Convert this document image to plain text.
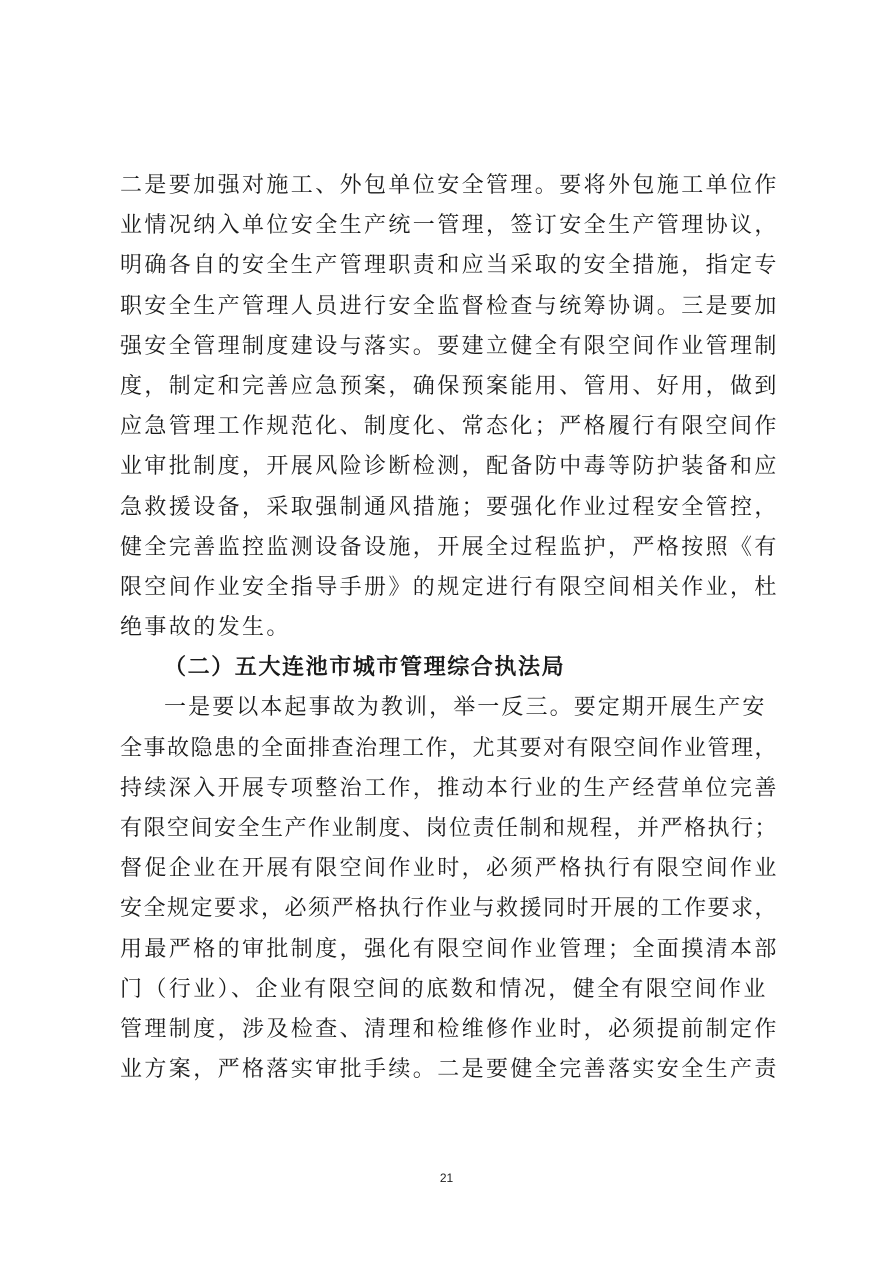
二是要加强对施工、外包单位安全管理。要将外包施工单位作
业情况纳入单位安全生产统一管理，签订安全生产管理协议，
明确各自的安全生产管理职责和应当采取的安全措施，指定专
职安全生产管理人员进行安全监督检查与统筹协调。三是要加
强安全管理制度建设与落实。要建立健全有限空间作业管理制
度，制定和完善应急预案，确保预案能用、管用、好用，做到
应急管理工作规范化、制度化、常态化；严格履行有限空间作
业审批制度，开展风险诊断检测，配备防中毒等防护装备和应
急救援设备，采取强制通风措施；要强化作业过程安全管控，
健全完善监控监测设备设施，开展全过程监护，严格按照《有
限空间作业安全指导手册》的规定进行有限空间相关作业，杜
绝事故的发生。
（二）五大连池市城市管理综合执法局
一是要以本起事故为教训，举一反三。要定期开展生产安
全事故隐患的全面排查治理工作，尤其要对有限空间作业管理，
持续深入开展专项整治工作，推动本行业的生产经营单位完善
有限空间安全生产作业制度、岗位责任制和规程，并严格执行；
督促企业在开展有限空间作业时，必须严格执行有限空间作业
安全规定要求，必须严格执行作业与救援同时开展的工作要求，
用最严格的审批制度，强化有限空间作业管理；全面摸清本部
门（行业）、企业有限空间的底数和情况，健全有限空间作业
管理制度，涉及检查、清理和检维修作业时，必须提前制定作
业方案，严格落实审批手续。二是要健全完善落实安全生产责
21
